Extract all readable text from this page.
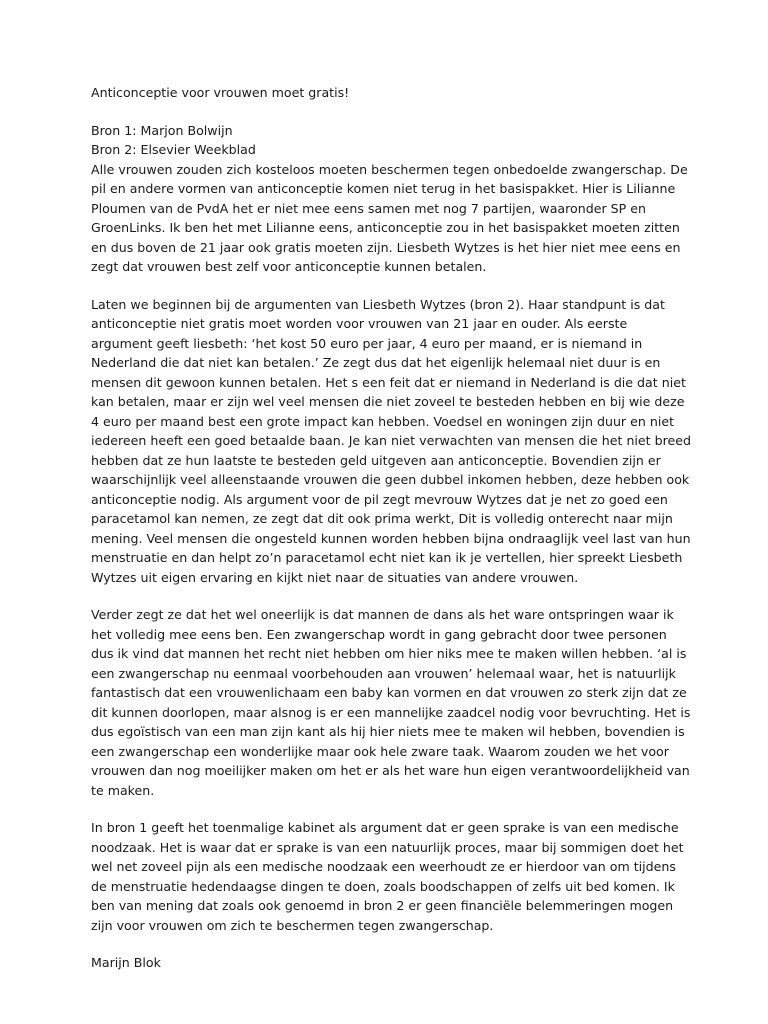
Anticonceptie voor vrouwen moet gratis!

Bron 1: Marjon Bolwijn

Bron 2: Elsevier Weekblad

Alle vrouwen zouden zich kosteloos moeten beschermen tegen onbedoelde zwangerschap. De pil en andere vormen van anticonceptie komen niet terug in het basispakket. Hier is Lilianne Ploumen van de PvdA het er niet mee eens samen met nog 7 partijen, waaronder SP en GroenLinks. Ik ben het met Lilianne eens, anticonceptie zou in het basispakket moeten zitten en dus boven de 21 jaar ook gratis moeten zijn. Liesbeth Wytzes is het hier niet mee eens en zegt dat vrouwen best zelf voor anticonceptie kunnen betalen.

Laten we beginnen bij de argumenten van Liesbeth Wytzes (bron 2). Haar standpunt is dat anticonceptie niet gratis moet worden voor vrouwen van 21 jaar en ouder. Als eerste argument geeft liesbeth: ‘het kost 50 euro per jaar, 4 euro per maand, er is niemand in Nederland die dat niet kan betalen.’ Ze zegt dus dat het eigenlijk helemaal niet duur is en mensen dit gewoon kunnen betalen. Het s een feit dat er niemand in Nederland is die dat niet kan betalen, maar er zijn wel veel mensen die niet zoveel te besteden hebben en bij wie deze 4 euro per maand best een grote impact kan hebben. Voedsel en woningen zijn duur en niet iedereen heeft een goed betaalde baan. Je kan niet verwachten van mensen die het niet breed hebben dat ze hun laatste te besteden geld uitgeven aan anticonceptie. Bovendien zijn er waarschijnlijk veel alleenstaande vrouwen die geen dubbel inkomen hebben, deze hebben ook anticonceptie nodig. Als argument voor de pil zegt mevrouw Wytzes dat je net zo goed een paracetamol kan nemen, ze zegt dat dit ook prima werkt, Dit is volledig onterecht naar mijn mening. Veel mensen die ongesteld kunnen worden hebben bijna ondraaglijk veel last van hun menstruatie en dan helpt zo’n paracetamol echt niet kan ik je vertellen, hier spreekt Liesbeth Wytzes uit eigen ervaring en kijkt niet naar de situaties van andere vrouwen.

Verder zegt ze dat het wel oneerlijk is dat mannen de dans als het ware ontspringen waar ik het volledig mee eens ben. Een zwangerschap wordt in gang gebracht door twee personen dus ik vind dat mannen het recht niet hebben om hier niks mee te maken willen hebben. ‘al is een zwangerschap nu eenmaal voorbehouden aan vrouwen’ helemaal waar, het is natuurlijk fantastisch dat een vrouwenlichaam een baby kan vormen en dat vrouwen zo sterk zijn dat ze dit kunnen doorlopen, maar alsnog is er een mannelijke zaadcel nodig voor bevruchting. Het is dus egoïstisch van een man zijn kant als hij hier niets mee te maken wil hebben, bovendien is een zwangerschap een wonderlijke maar ook hele zware taak. Waarom zouden we het voor vrouwen dan nog moeilijker maken om het er als het ware hun eigen verantwoordelijkheid van te maken.

In bron 1 geeft het toenmalige kabinet als argument dat er geen sprake is van een medische noodzaak. Het is waar dat er sprake is van een natuurlijk proces, maar bij sommigen doet het wel net zoveel pijn als een medische noodzaak een weerhoudt ze er hierdoor van om tijdens de menstruatie hedendaagse dingen te doen, zoals boodschappen of zelfs uit bed komen. Ik ben van mening dat zoals ook genoemd in bron 2 er geen financiële belemmeringen mogen zijn voor vrouwen om zich te beschermen tegen zwangerschap.

Marijn Blok
